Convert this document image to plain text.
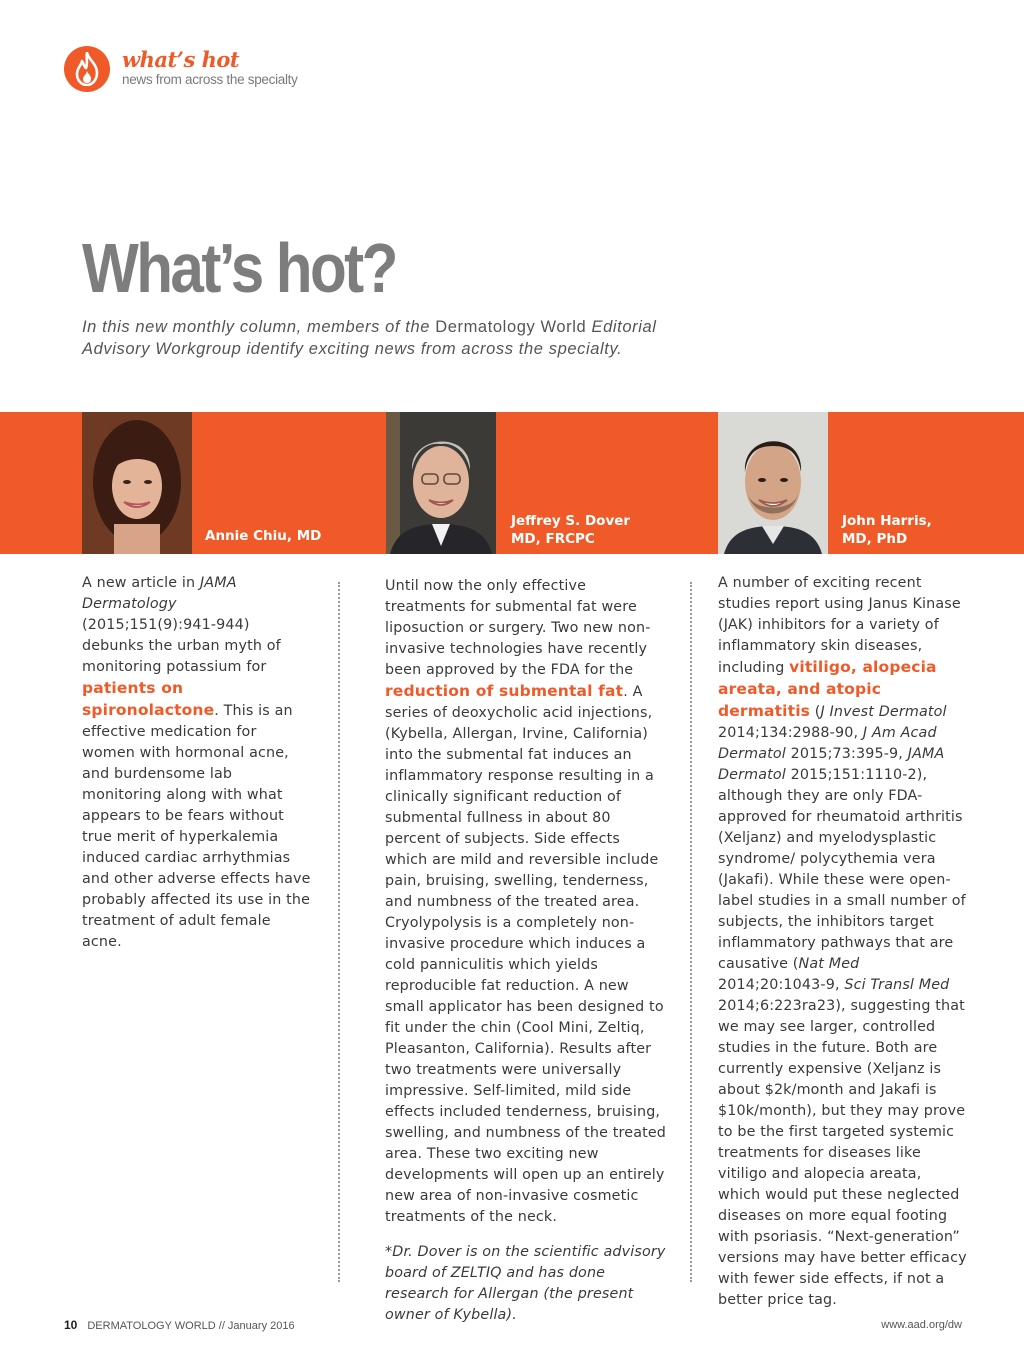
what’s hot
news from across the specialty
What’s hot?
In this new monthly column, members of the Dermatology World Editorial Advisory Workgroup identify exciting news from across the specialty.
Annie Chiu, MD
Jeffrey S. Dover
MD, FRCPC
John Harris,
MD, PhD

A new article in JAMA Dermatology (2015;151(9):941-944) debunks the urban myth of monitoring potassium for patients on spironolactone. This is an effective medication for women with hormonal acne, and burdensome lab monitoring along with what appears to be fears without true merit of hyperkalemia induced cardiac arrhythmias and other adverse effects have probably affected its use in the treatment of adult female acne.

Until now the only effective treatments for submental fat were liposuction or surgery. Two new non-invasive technologies have recently been approved by the FDA for the reduction of submental fat. A series of deoxycholic acid injections, (Kybella, Allergan, Irvine, California) into the submental fat induces an inflammatory response resulting in a clinically significant reduction of submental fullness in about 80 percent of subjects. Side effects which are mild and reversible include pain, bruising, swelling, tenderness, and numbness of the treated area. Cryolypolysis is a completely non-invasive procedure which induces a cold panniculitis which yields reproducible fat reduction. A new small applicator has been designed to fit under the chin (Cool Mini, Zeltiq, Pleasanton, California). Results after two treatments were universally impressive. Self-limited, mild side effects included tenderness, bruising, swelling, and numbness of the treated area. These two exciting new developments will open up an entirely new area of non-invasive cosmetic treatments of the neck.

*Dr. Dover is on the scientific advisory board of ZELTIQ and has done research for Allergan (the present owner of Kybella).

A number of exciting recent studies report using Janus Kinase (JAK) inhibitors for a variety of inflammatory skin diseases, including vitiligo, alopecia areata, and atopic dermatitis (J Invest Dermatol 2014;134:2988-90, J Am Acad Dermatol 2015;73:395-9, JAMA Dermatol 2015;151:1110-2), although they are only FDA-approved for rheumatoid arthritis (Xeljanz) and myelodysplastic syndrome/ polycythemia vera (Jakafi). While these were open-label studies in a small number of subjects, the inhibitors target inflammatory pathways that are causative (Nat Med 2014;20:1043-9, Sci Transl Med 2014;6:223ra23), suggesting that we may see larger, controlled studies in the future. Both are currently expensive (Xeljanz is about $2k/month and Jakafi is $10k/month), but they may prove to be the first targeted systemic treatments for diseases like vitiligo and alopecia areata, which would put these neglected diseases on more equal footing with psoriasis. “Next-generation” versions may have better efficacy with fewer side effects, if not a better price tag.

10 DERMATOLOGY WORLD // January 2016	www.aad.org/dw
